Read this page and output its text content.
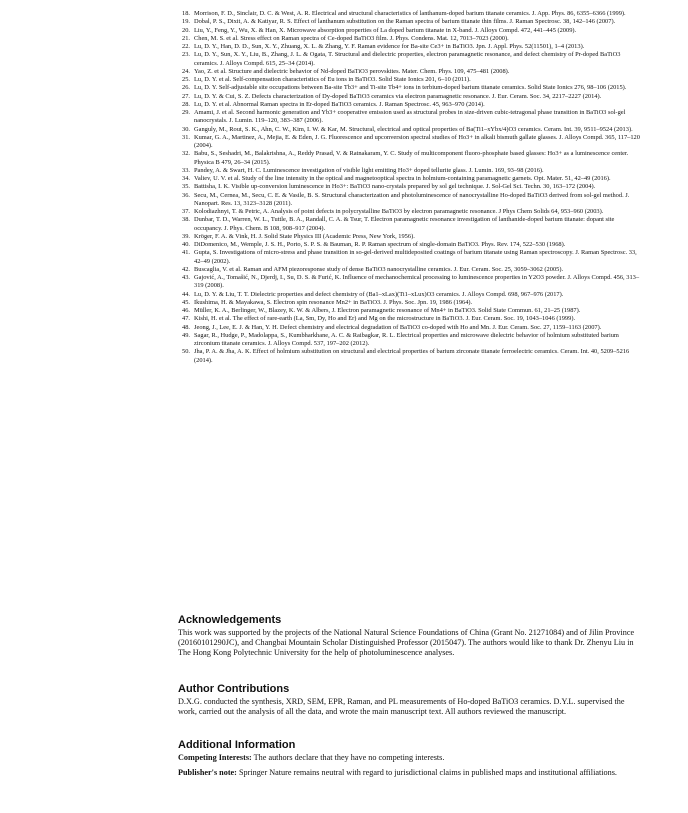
18. Morrison, F. D., Sinclair, D. C. & West, A. R. Electrical and structural characteristics of lanthanum-doped barium titanate ceramics. J. App. Phys. 86, 6355–6366 (1999).
19. Dobal, P. S., Dixit, A. & Katiyar, R. S. Effect of lanthanum substitution on the Raman spectra of barium titanate thin films. J. Raman Spectrosc. 38, 142–146 (2007).
20. Liu, Y., Feng, Y., Wu, X. & Han, X. Microwave absorption properties of La doped barium titanate in X-band. J. Alloys Compd. 472, 441–445 (2009).
21. Chen, M. S. et al. Stress effect on Raman spectra of Ce-doped BaTiO3 film. J. Phys. Condens. Mat. 12, 7013–7023 (2000).
22. Lu, D. Y., Han, D. D., Sun, X. Y., Zhuang, X. L. & Zhang, Y. F. Raman evidence for Ba-site Ce3+ in BaTiO3. Jpn. J. Appl. Phys. 52(11501), 1–4 (2013).
23. Lu, D. Y., Sun, X. Y., Liu, B., Zhang, J. L. & Ogata, T. Structural and dielectric properties, electron paramagnetic resonance, and defect chemistry of Pr-doped BaTiO3 ceramics. J. Alloys Compd. 615, 25–34 (2014).
24. Yao, Z. et al. Structure and dielectric behavior of Nd-doped BaTiO3 perovskites. Mater. Chem. Phys. 109, 475–481 (2008).
25. Lu, D. Y. et al. Self-compensation characteristics of Eu ions in BaTiO3. Solid State Ionics 201, 6–10 (2011).
26. Lu, D. Y. Self-adjustable site occupations between Ba-site Tb3+ and Ti-site Tb4+ ions in terbium-doped barium titanate ceramics. Solid State Ionics 276, 98–106 (2015).
27. Lu, D. Y. & Cui, S. Z. Defects characterization of Dy-doped BaTiO3 ceramics via electron paramagnetic resonance. J. Eur. Ceram. Soc. 34, 2217–2227 (2014).
28. Lu, D. Y. et al. Abnormal Raman spectra in Er-doped BaTiO3 ceramics. J. Raman Spectrosc. 45, 963–970 (2014).
29. Amami, J. et al. Second harmonic generation and Yb3+ cooperative emission used as structural probes in size-driven cubic-tetragonal phase transition in BaTiO3 sol-gel nanocrystals. J. Lumin. 119–120, 383–387 (2006).
30. Ganguly, M., Rout, S. K., Ahn, C. W., Kim, I. W. & Kar, M. Structural, electrical and optical properties of Ba(Ti1–xYbx/4)O3 ceramics. Ceram. Int. 39, 9511–9524 (2013).
31. Kumar, G. A., Martinez, A., Mejia, E. & Eden, J. G. Fluorescence and upconversion spectral studies of Ho3+ in alkali bismuth gallate glasses. J. Alloys Compd. 365, 117–120 (2004).
32. Babu, S., Seshadri, M., Balakrishna, A., Reddy Prasad, V. & Ratnakaram, Y. C. Study of multicomponent fluoro-phosphate based glasses: Ho3+ as a luminescence center. Physica B 479, 26–34 (2015).
33. Pandey, A. & Swart, H. C. Luminescence investigation of visible light emitting Ho3+ doped tellurite glass. J. Lumin. 169, 93–98 (2016).
34. Valiev, U. V. et al. Study of the line intensity in the optical and magnetooptical spectra in holmium-containing paramagnetic garnets. Opt. Mater. 51, 42–49 (2016).
35. Battisha, I. K. Visible up-conversion luminescence in Ho3+: BaTiO3 nano-crystals prepared by sol gel technique. J. Sol-Gel Sci. Techn. 30, 163–172 (2004).
36. Secu, M., Cernea, M., Secu, C. E. & Vasile, B. S. Structural characterization and photoluminescence of nanocrystalline Ho-doped BaTiO3 derived from sol-gel method. J. Nanopart. Res. 13, 3123–3128 (2011).
37. Kolodiazhnyi, T. & Petric, A. Analysis of point defects in polycrystalline BaTiO3 by electron paramagnetic resonance. J Phys Chem Solids 64, 953–960 (2003).
38. Dunbar, T. D., Warren, W. L., Tuttle, B. A., Randall, C. A. & Tsur, T. Electron paramagnetic resonance investigation of lanthanide-doped barium titanate: dopant site occupancy. J. Phys. Chem. B 108, 908–917 (2004).
39. Kröger, F. A. & Vink, H. J. Solid State Physics III (Academic Press, New York, 1956).
40. DiDomenico, M., Wemple, J. S. H., Porto, S. P. S. & Bauman, R. P. Raman spectrum of single-domain BaTiO3. Phys. Rev. 174, 522–530 (1968).
41. Gupta, S. Investigations of micro-stress and phase transition in so-gel-derived multideposited coatings of barium titanate using Raman spectroscopy. J. Raman Spectrosc. 33, 42–49 (2002).
42. Buscaglia, V. et al. Raman and AFM piezoresponse study of dense BaTiO3 nanocrystalline ceramics. J. Eur. Ceram. Soc. 25, 3059–3062 (2005).
43. Gajović, A., Tomašić, N., Djerdj, I., Su, D. S. & Furić, K. Influence of mechanochemical processing to luminescence properties in Y2O3 powder. J. Alloys Compd. 456, 313–319 (2008).
44. Lu, D. Y. & Liu, T. T. Dielectric properties and defect chemistry of (Ba1–xLax)(Ti1–xLux)O3 ceramics. J. Alloys Compd. 698, 967–976 (2017).
45. Ikushima, H. & Mayakawa, S. Electron spin resonance Mn2+ in BaTiO3. J. Phys. Soc. Jpn. 19, 1986 (1964).
46. Müller, K. A., Berlinger, W., Blazey, K. W. & Albers, J. Electron paramagnetic resonance of Mn4+ in BaTiO3. Solid State Commun. 61, 21–25 (1987).
47. Kishi, H. et al. The effect of rare-earth (La, Sm, Dy, Ho and Er) and Mg on the microstructure in BaTiO3. J. Eur. Ceram. Soc. 19, 1043–1046 (1999).
48. Jeong, J., Lee, E. J. & Han, Y. H. Defect chemistry and electrical degradation of BaTiO3 co-doped with Ho and Mn. J. Eur. Ceram. Soc. 27, 1159–1163 (2007).
49. Sagar, R., Hudge, P., Madolappa, S., Kumbharkhane, A. C. & Raibagkar, R. L. Electrical properties and microwave dielectric behavior of holmium substituted barium zirconium titanate ceramics. J. Alloys Compd. 537, 197–202 (2012).
50. Jha, P. A. & Jha, A. K. Effect of holmium substitution on structural and electrical properties of barium zirconate titanate ferroelectric ceramics. Ceram. Int. 40, 5209–5216 (2014).
Acknowledgements

This work was supported by the projects of the National Natural Science Foundations of China (Grant No. 21271084) and of Jilin Province (20160101290JC), and Changbai Mountain Scholar Distinguished Professor (2015047). The authors would like to thank Dr. Zhenyu Liu in The Hong Kong Polytechnic University for the help of photoluminescence analyses.

Author Contributions

D.X.G. conducted the synthesis, XRD, SEM, EPR, Raman, and PL measurements of Ho-doped BaTiO3 ceramics. D.Y.L. supervised the work, carried out the analysis of all the data, and wrote the main manuscript text. All authors reviewed the manuscript.

Additional Information

Competing Interests: The authors declare that they have no competing interests.

Publisher's note: Springer Nature remains neutral with regard to jurisdictional claims in published maps and institutional affiliations.
